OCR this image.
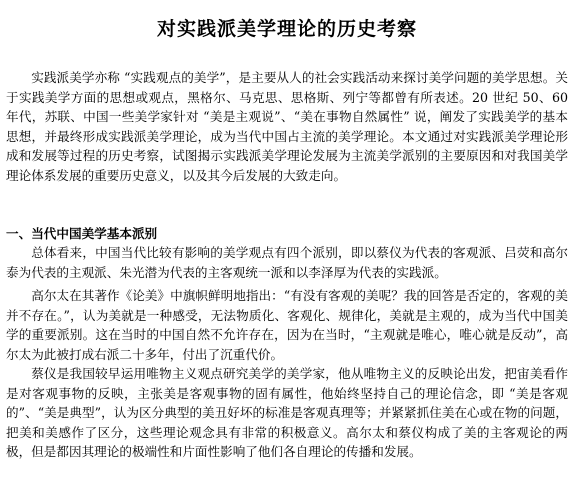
对实践派美学理论的历史考察

实践派美学亦称 “实践观点的美学”，是主要从人的社会实践活动来探讨美学问题的美学思想。关于实践美学方面的思想或观点，黑格尔、马克思、思格斯、列宁等都曾有所表述。20 世纪 50、60 年代，苏联、中国一些美学家针对 “美是主观说”、“美在事物自然属性” 说，阐发了实践美学的基本思想，并最终形成实践派美学理论，成为当代中国占主流的美学理论。本文通过对实践派美学理论形成和发展等过程的历史考察，试图揭示实践派美学理论发展为主流美学派别的主要原因和对我国美学理论体系发展的重要历史意义，以及其今后发展的大致走向。

一、当代中国美学基本派别

总体看来，中国当代比较有影响的美学观点有四个派别，即以蔡仪为代表的客观派、吕荧和高尔泰为代表的主观派、朱光潜为代表的主客观统一派和以李泽厚为代表的实践派。

高尔太在其著作《论美》中旗帜鲜明地指出：“有没有客观的美呢？我的回答是否定的，客观的美并不存在。”，认为美就是一种感受，无法物质化、客观化、规律化，美就是主观的，成为当代中国美学的重要派别。这在当时的中国自然不允许存在，因为在当时，“主观就是唯心，唯心就是反动”，高尔太为此被打成右派二十多年，付出了沉重代价。

蔡仪是我国较早运用唯物主义观点研究美学的美学家，他从唯物主义的反映论出发，把宙美看作是对客观事物的反映，主张美是客观事物的固有属性，他始终坚持自己的理论信念，即 “美是客观的”、“美是典型”，认为区分典型的美丑好坏的标准是客观真理等；并紧紧抓住美在心或在物的问题，把美和美感作了区分，这些理论观念具有非常的积极意义。高尔太和蔡仪构成了美的主客观论的两极，但是都因其理论的极端性和片面性影响了他们各自理论的传播和发展。
